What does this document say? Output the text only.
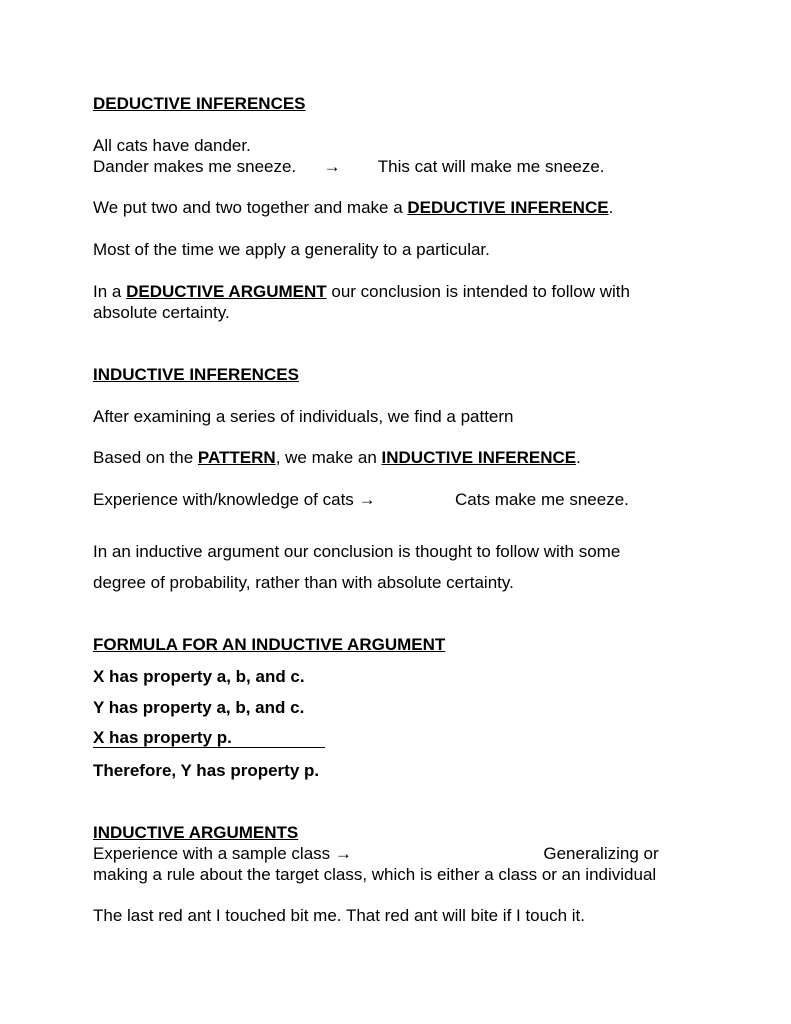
DEDUCTIVE INFERENCES
All cats have dander.
Dander makes me sneeze. → This cat will make me sneeze.
We put two and two together and make a DEDUCTIVE INFERENCE.
Most of the time we apply a generality to a particular.
In a DEDUCTIVE ARGUMENT our conclusion is intended to follow with
absolute certainty.
INDUCTIVE INFERENCES
After examining a series of individuals, we find a pattern
Based on the PATTERN, we make an INDUCTIVE INFERENCE.
Experience with/knowledge of cats →	Cats make me sneeze.
In an inductive argument our conclusion is thought to follow with some
degree of probability, rather than with absolute certainty.
FORMULA FOR AN INDUCTIVE ARGUMENT
X has property a, b, and c.
Y has property a, b, and c.
X has property p.
Therefore, Y has property p.
INDUCTIVE ARGUMENTS
Experience with a sample class →	Generalizing or
making a rule about the target class, which is either a class or an individual
The last red ant I touched bit me. That red ant will bite if I touch it.
